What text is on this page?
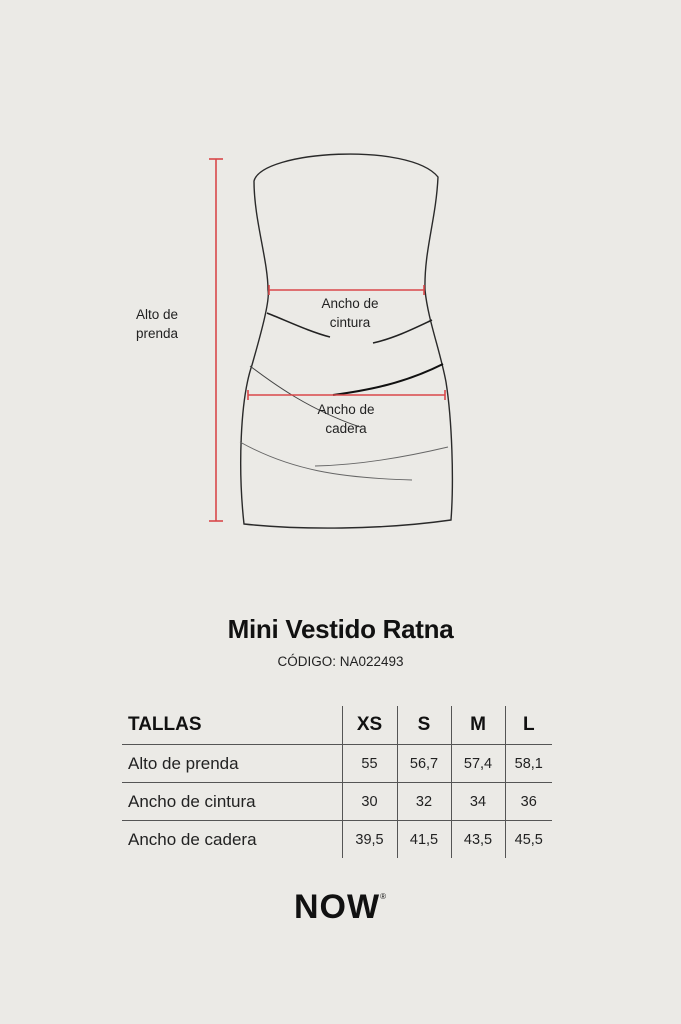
Alto de
prenda
Ancho de
cintura
Ancho de
cadera
Mini Vestido Ratna
CÓDIGO: NA022493
TALLAS	XS	S	M	L
Alto de prenda	55	56,7	57,4	58,1
Ancho de cintura	30	32	34	36
Ancho de cadera	39,5	41,5	43,5	45,5
NOW®
